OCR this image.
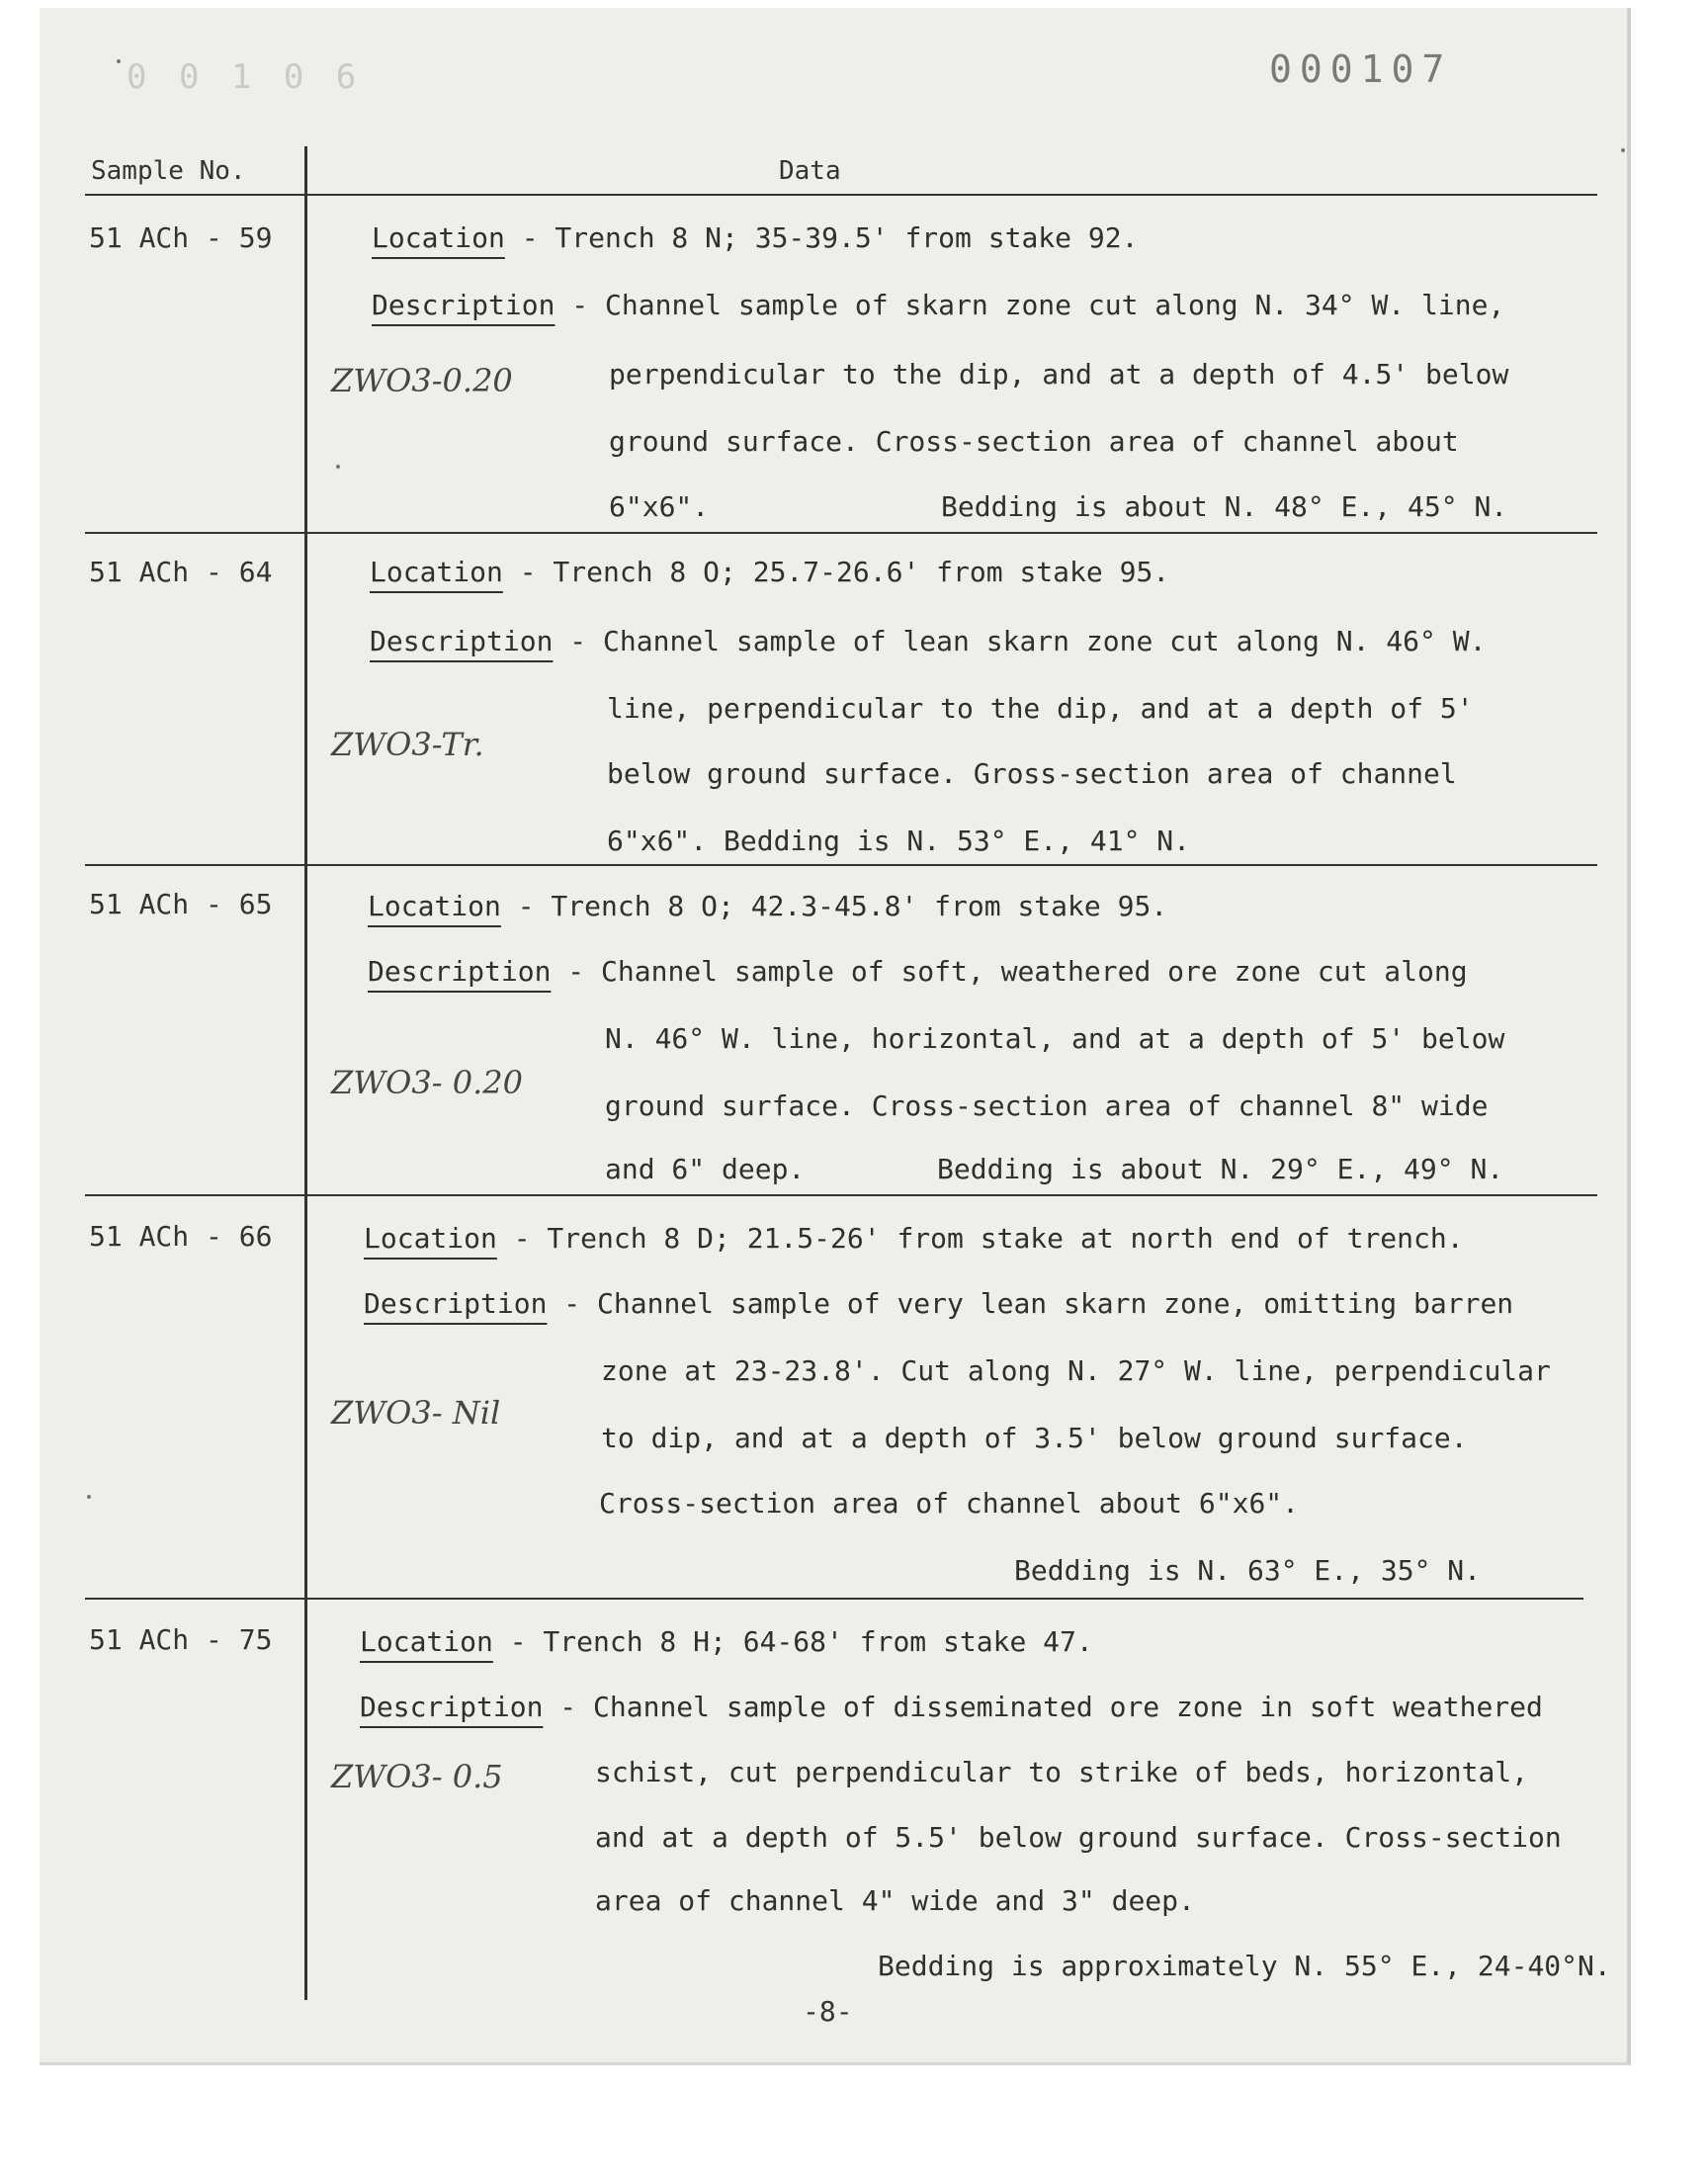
0 0 1 0 6	000107
Sample No.	Data
51 ACh - 59
ZWO3-0.20
Location - Trench 8 N; 35-39.5' from stake 92.
Description - Channel sample of skarn zone cut along N. 34° W. line,
perpendicular to the dip, and at a depth of 4.5' below
ground surface. Cross-section area of channel about
6"x6".	Bedding is about N. 48° E., 45° N.
51 ACh - 64
ZWO3-Tr.
Location - Trench 8 O; 25.7-26.6' from stake 95.
Description - Channel sample of lean skarn zone cut along N. 46° W.
line, perpendicular to the dip, and at a depth of 5'
below ground surface. Gross-section area of channel
6"x6". Bedding is N. 53° E., 41° N.
51 ACh - 65
ZWO3- 0.20
Location - Trench 8 O; 42.3-45.8' from stake 95.
Description - Channel sample of soft, weathered ore zone cut along
N. 46° W. line, horizontal, and at a depth of 5' below
ground surface. Cross-section area of channel 8" wide
and 6" deep.	Bedding is about N. 29° E., 49° N.
51 ACh - 66
ZWO3- Nil
Location - Trench 8 D; 21.5-26' from stake at north end of trench.
Description - Channel sample of very lean skarn zone, omitting barren
zone at 23-23.8'. Cut along N. 27° W. line, perpendicular
to dip, and at a depth of 3.5' below ground surface.
Cross-section area of channel about 6"x6".
Bedding is N. 63° E., 35° N.
51 ACh - 75
ZWO3- 0.5
Location - Trench 8 H; 64-68' from stake 47.
Description - Channel sample of disseminated ore zone in soft weathered
schist, cut perpendicular to strike of beds, horizontal,
and at a depth of 5.5' below ground surface. Cross-section
area of channel 4" wide and 3" deep.
Bedding is approximately N. 55° E., 24-40°N.
-8-
